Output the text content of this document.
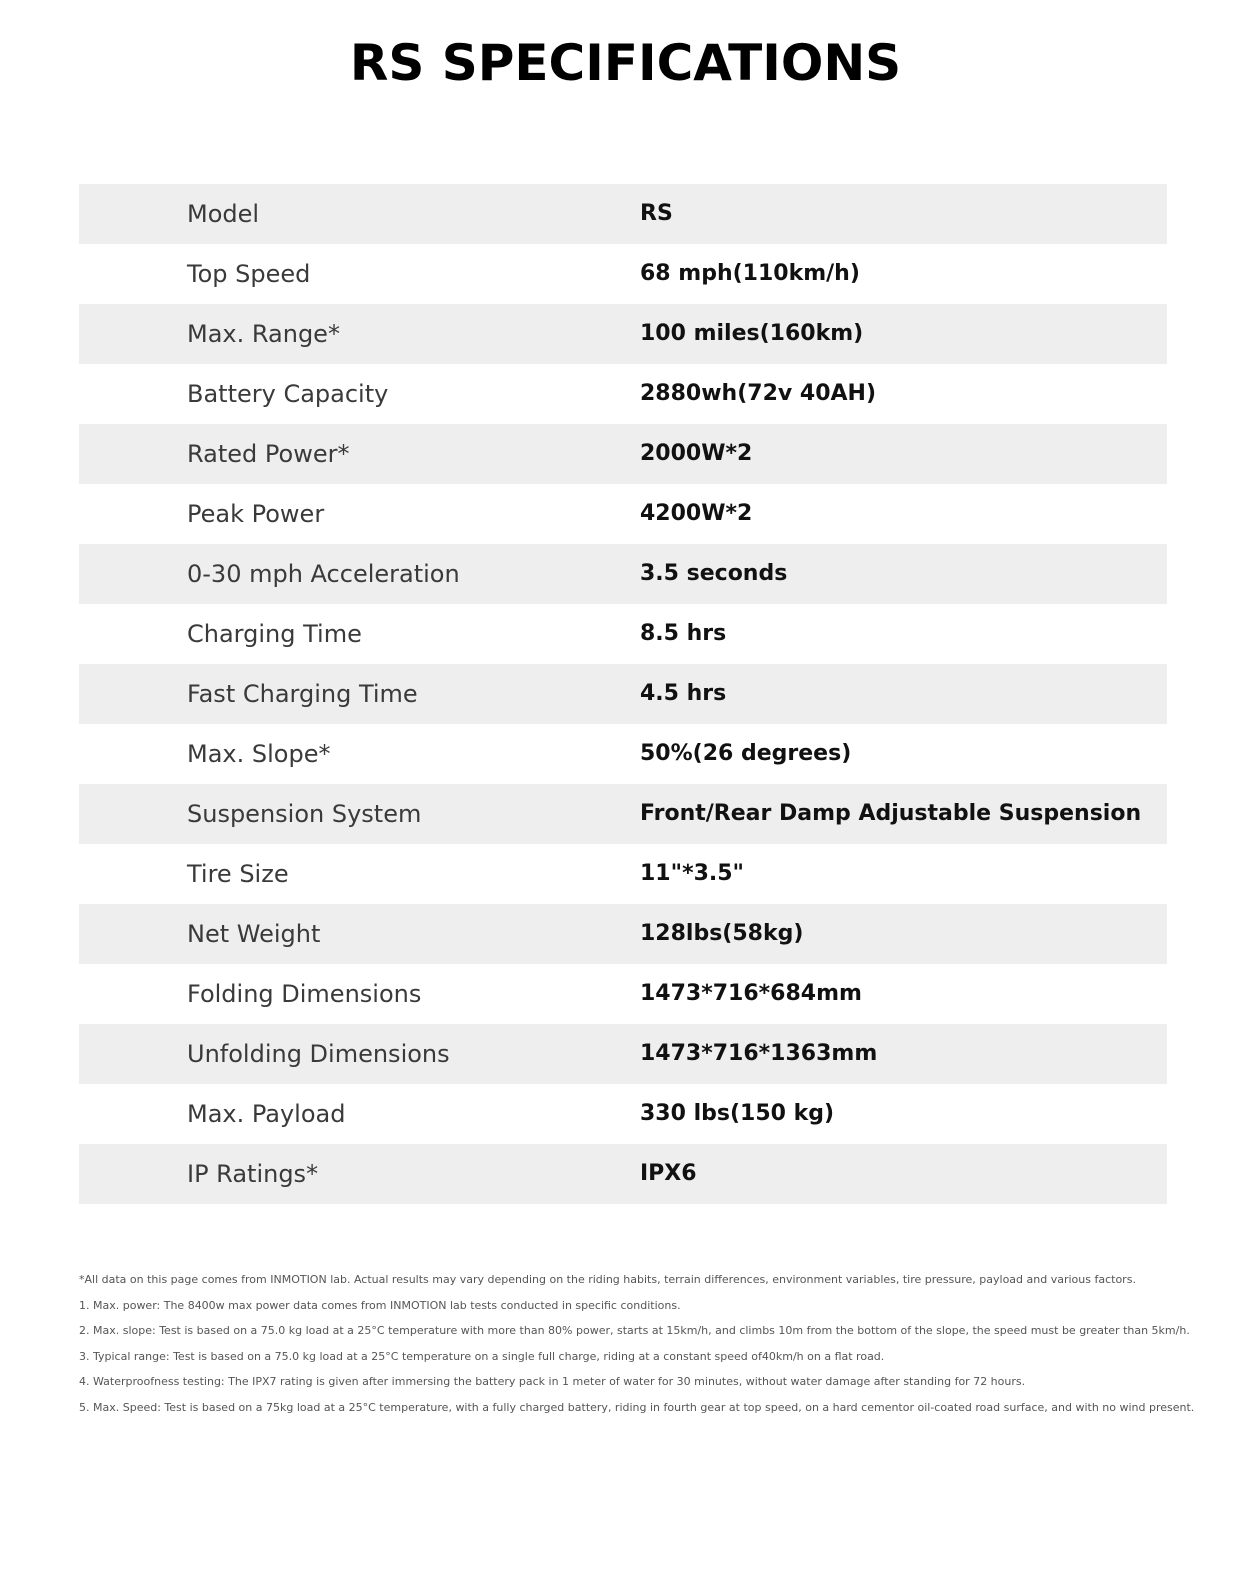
RS SPECIFICATIONS
Model	RS
Top Speed	68 mph(110km/h)
Max. Range*	100 miles(160km)
Battery Capacity	2880wh(72v 40AH)
Rated Power*	2000W*2
Peak Power	4200W*2
0-30 mph Acceleration	3.5 seconds
Charging Time	8.5 hrs
Fast Charging Time	4.5 hrs
Max. Slope*	50%(26 degrees)
Suspension System	Front/Rear Damp Adjustable Suspension
Tire Size	11"*3.5"
Net Weight	128lbs(58kg)
Folding Dimensions	1473*716*684mm
Unfolding Dimensions	1473*716*1363mm
Max. Payload	330 lbs(150 kg)
IP Ratings*	IPX6
*All data on this page comes from INMOTION lab. Actual results may vary depending on the riding habits, terrain differences, environment variables, tire pressure, payload and various factors.
1. Max. power: The 8400w max power data comes from INMOTION lab tests conducted in specific conditions.
2. Max. slope: Test is based on a 75.0 kg load at a 25°C temperature with more than 80% power, starts at 15km/h, and climbs 10m from the bottom of the slope, the speed must be greater than 5km/h.
3. Typical range: Test is based on a 75.0 kg load at a 25°C temperature on a single full charge, riding at a constant speed of40km/h on a flat road.
4. Waterproofness testing: The IPX7 rating is given after immersing the battery pack in 1 meter of water for 30 minutes, without water damage after standing for 72 hours.
5. Max. Speed: Test is based on a 75kg load at a 25°C temperature, with a fully charged battery, riding in fourth gear at top speed, on a hard cementor oil-coated road surface, and with no wind present.
